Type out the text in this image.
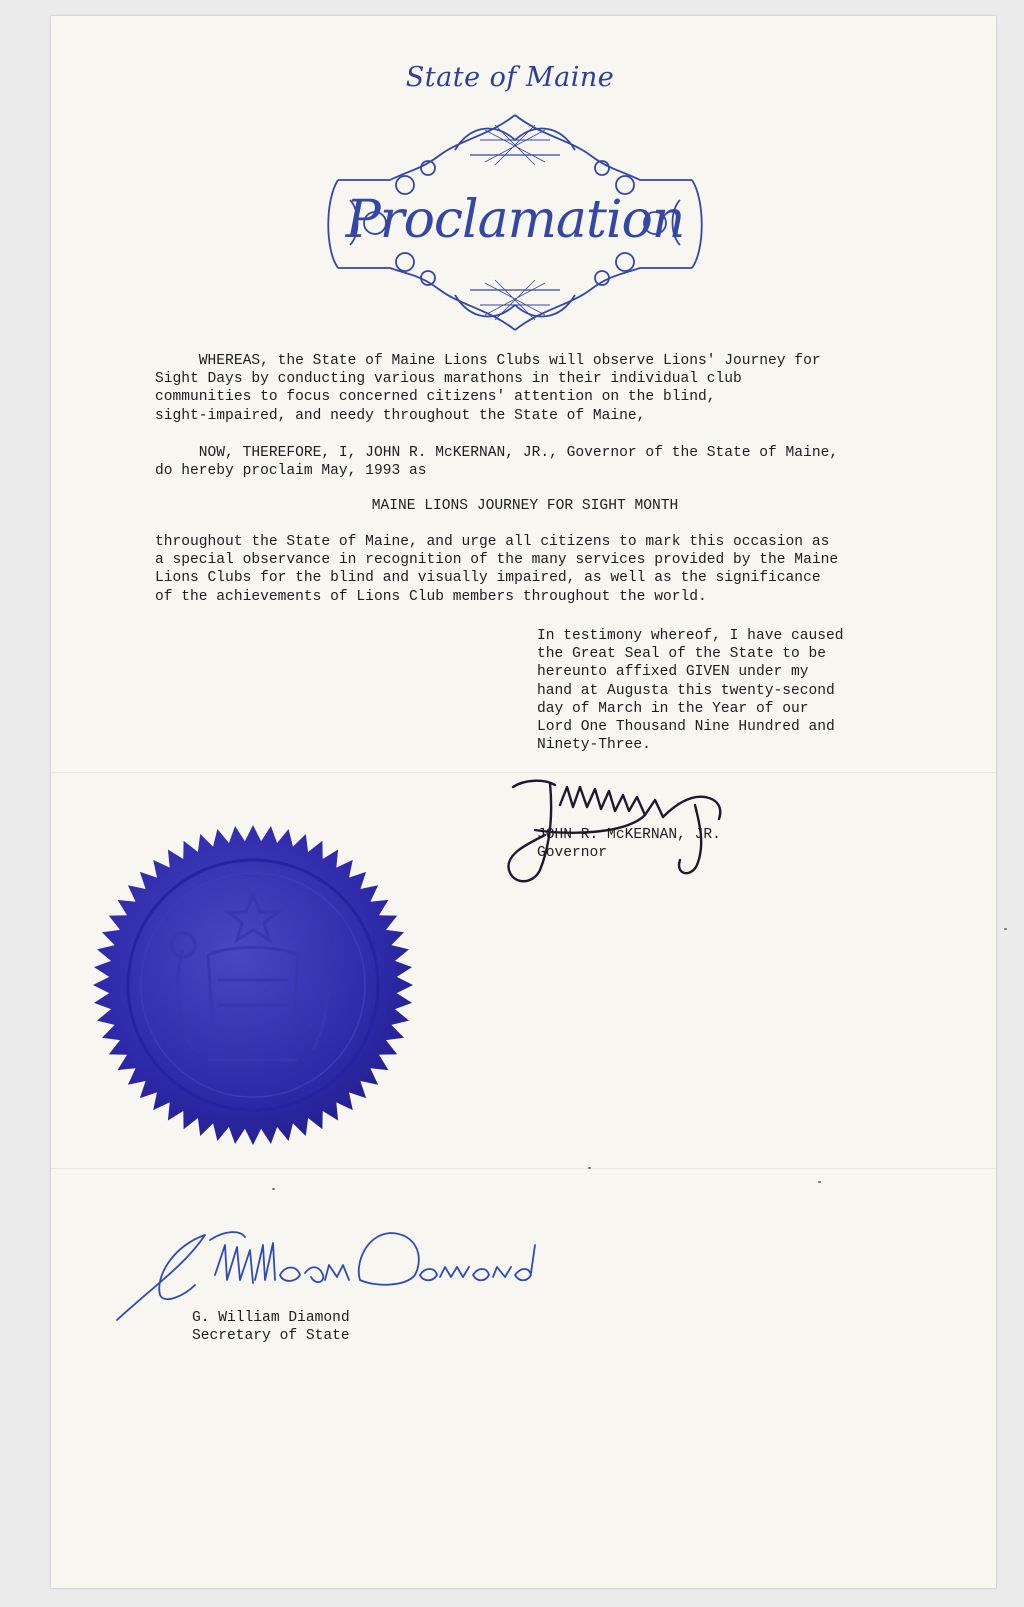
State of Maine
Proclamation
WHEREAS, the State of Maine Lions Clubs will observe Lions' Journey for
Sight Days by conducting various marathons in their individual club
communities to focus concerned citizens' attention on the blind,
sight-impaired, and needy throughout the State of Maine,
NOW, THEREFORE, I, JOHN R. McKERNAN, JR., Governor of the State of Maine,
do hereby proclaim May, 1993 as
MAINE LIONS JOURNEY FOR SIGHT MONTH
throughout the State of Maine, and urge all citizens to mark this occasion as
a special observance in recognition of the many services provided by the Maine
Lions Clubs for the blind and visually impaired, as well as the significance
of the achievements of Lions Club members throughout the world.
In testimony whereof, I have caused
the Great Seal of the State to be
hereunto affixed GIVEN under my
hand at Augusta this twenty-second
day of March in the Year of our
Lord One Thousand Nine Hundred and
Ninety-Three.
JOHN R. McKERNAN, JR.
Governor
G. William Diamond
Secretary of State
